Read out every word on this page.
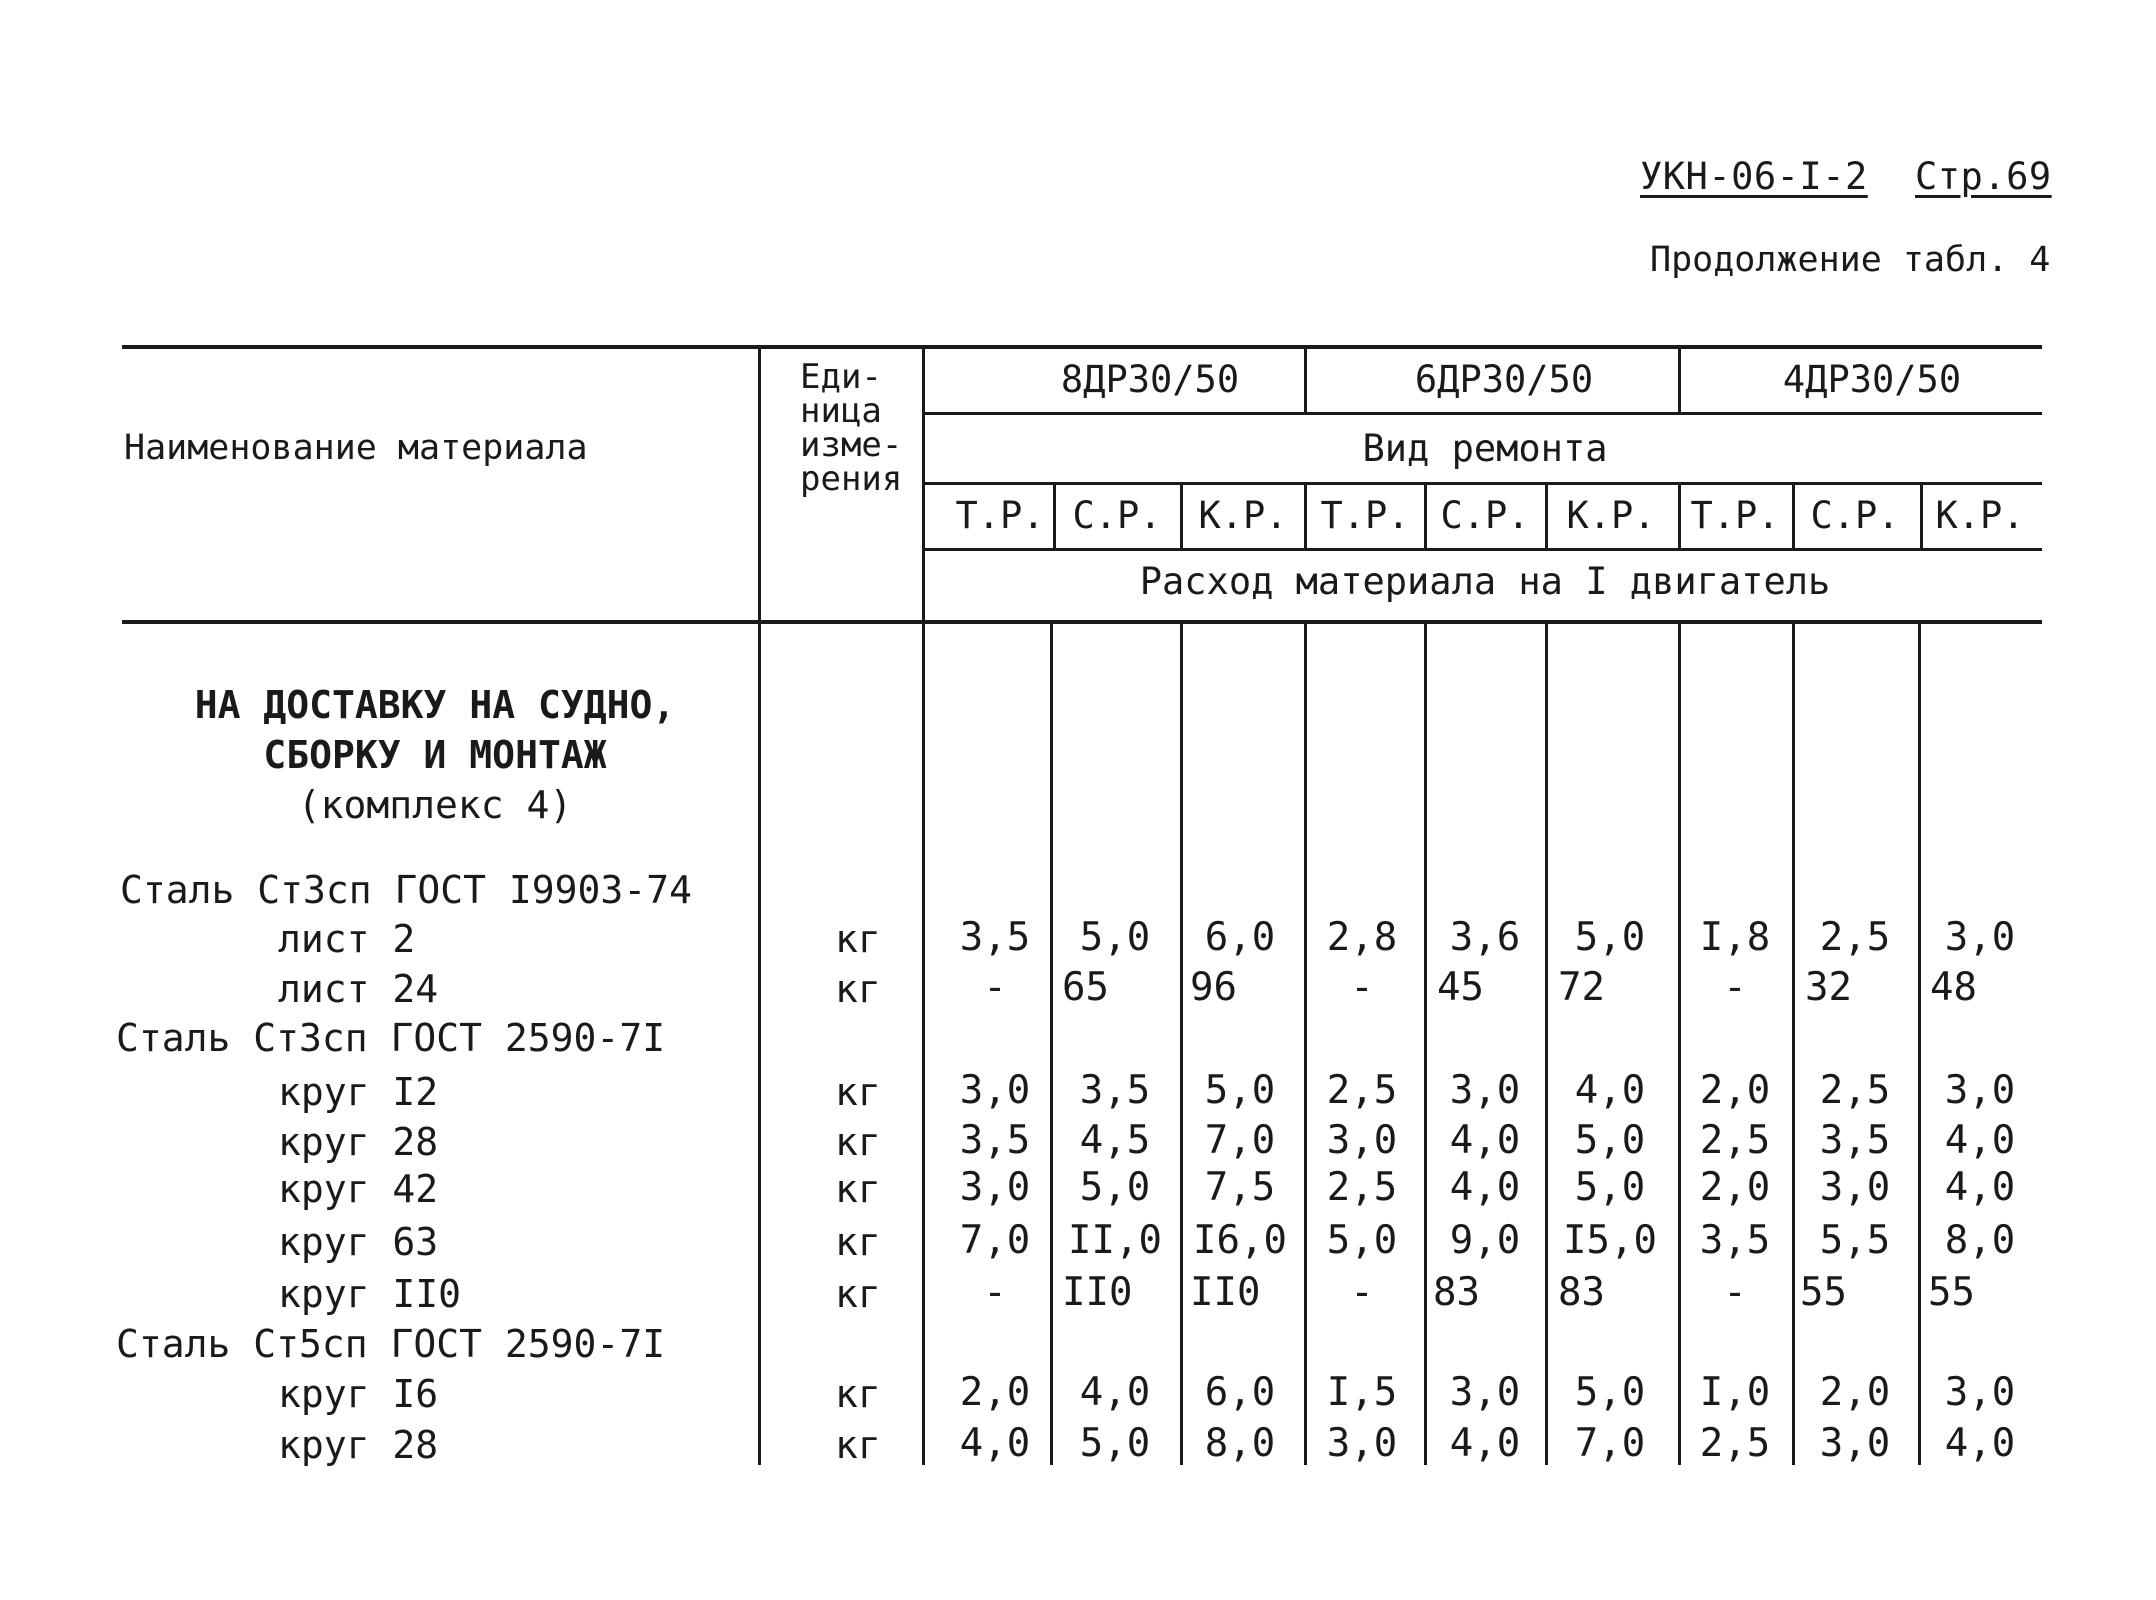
УКН-06-I-2 Стр.69
Продолжение табл. 4
Наименование материала
Еди-
ница
изме-
рения
8ДР30/50	6ДР30/50	4ДР30/50
Вид ремонта
Т.Р. С.Р. К.Р. Т.Р. С.Р. К.Р. Т.Р. С.Р. К.Р.
Расход материала на I двигатель
НА ДОСТАВКУ НА СУДНО,
СБОРКУ И МОНТАЖ
(комплекс 4)
Сталь Ст3сп ГОСТ I9903-74
лист 2	кг	3,5	5,0	6,0	2,8	3,6	5,0	I,8	2,5	3,0
лист 24	кг	-	65 96	-	45 72	-	32 48
Сталь Ст3сп ГОСТ 2590-7I
круг I2	кг	3,0	3,5	5,0	2,5	3,0	4,0	2,0	2,5	3,0
круг 28	кг	3,5	4,5	7,0	3,0	4,0	5,0	2,5	3,5	4,0
круг 42	кг	3,0	5,0	7,5	2,5	4,0	5,0	2,0	3,0	4,0
круг 63	кг	7,0 II,0 I6,0	5,0	9,0	I5,0	3,5	5,5	8,0
круг II0	кг	-	II0 II0	-	83 83	-	55 55
Сталь Ст5сп ГОСТ 2590-7I
круг I6	кг	2,0	4,0	6,0	I,5	3,0	5,0	I,0	2,0	3,0
круг 28	кг	4,0	5,0	8,0	3,0	4,0	7,0	2,5	3,0	4,0
